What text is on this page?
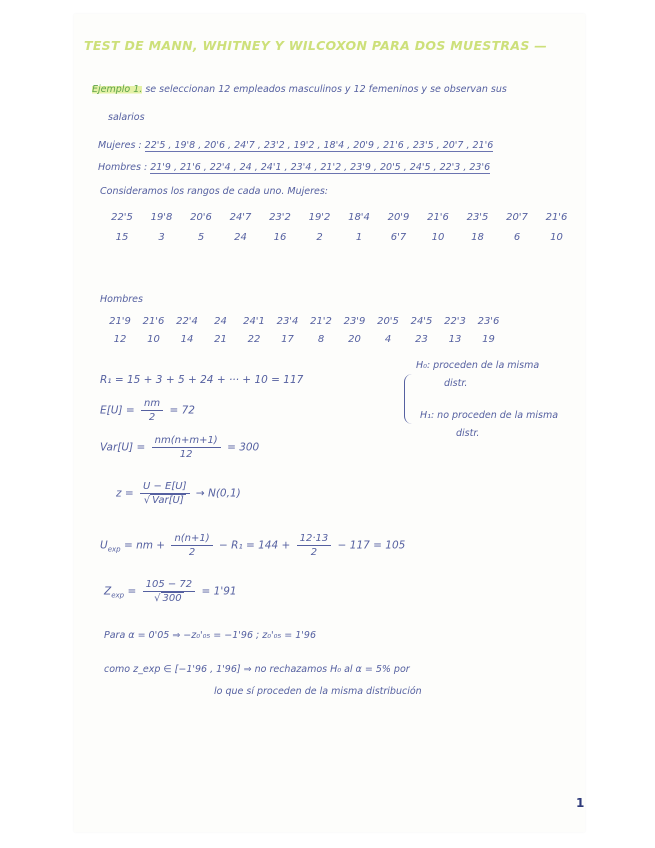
TEST DE MANN, WHITNEY Y WILCOXON PARA DOS MUESTRAS —
Ejemplo 1. se seleccionan 12 empleados masculinos y 12 femeninos y se observan sus
salarios
Mujeres : 22'5 , 19'8 , 20'6 , 24'7 , 23'2 , 19'2 , 18'4 , 20'9 , 21'6 , 23'5 , 20'7 , 21'6
Hombres : 21'9 , 21'6 , 22'4 , 24 , 24'1 , 23'4 , 21'2 , 23'9 , 20'5 , 24'5 , 22'3 , 23'6
Consideramos los rangos de cada uno. Mujeres:
22'5	19'8	20'6	24'7	23'2	19'2	18'4	20'9	21'6	23'5	20'7	21'6
15	3	5	24	16	2	1	6'7	10	18	6	10
Hombres
21'9	21'6	22'4	24	24'1	23'4	21'2	23'9	20'5	24'5	22'3	23'6
12	10	14	21	22	17	8	20	4	23	13	19
R₁ = 15 + 3 + 5 + 24 + ··· + 10 = 117
H₀: proceden de la misma
distr.
H₁: no proceden de la misma
distr.
$E[U] = \frac{nm}{2} = 72$
$Var[U] = \frac{nm(n+m+1)}{12} = 300$
$z = \frac{U - E[U]}{\text{√ Var[U]}} \to N(0,1)$
$U_{exp}$ = nm + $\frac{n(n+1)}{2} - R_1 = 144 + \frac{12\cdot 13}{2} - 117 = 105$
$Z_{exp} = \frac{105 - 72}{√ 300} = 1'91$
Para α = 0'05 ⇒ −z₀'₀₅ = −1'96 ; z₀'₀₅ = 1'96
como z_exp ∈ [−1'96 , 1'96] ⇒ no rechazamos H₀ al α = 5% por
lo que sí proceden de la misma distribución
1
